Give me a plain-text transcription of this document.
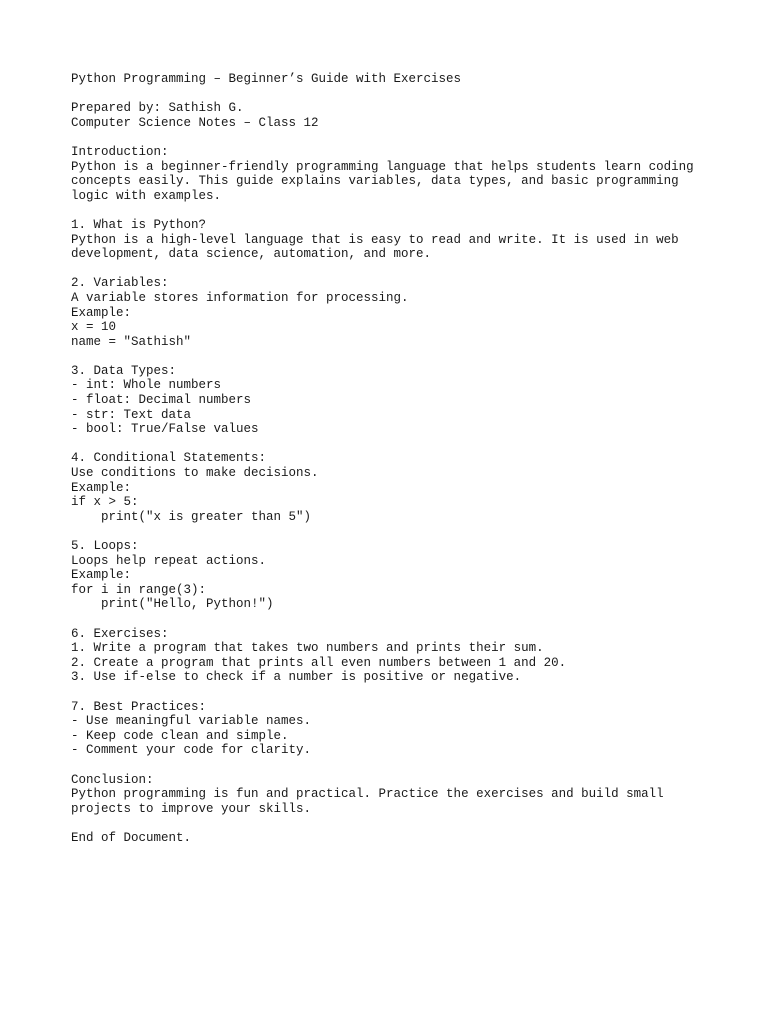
Python Programming – Beginner’s Guide with Exercises
Prepared by: Sathish G.
Computer Science Notes – Class 12
Introduction:
Python is a beginner-friendly programming language that helps students learn coding
concepts easily. This guide explains variables, data types, and basic programming
logic with examples.
1. What is Python?
Python is a high-level language that is easy to read and write. It is used in web
development, data science, automation, and more.
2. Variables:
A variable stores information for processing.
Example:
x = 10
name = "Sathish"
3. Data Types:
- int: Whole numbers
- float: Decimal numbers
- str: Text data
- bool: True/False values
4. Conditional Statements:
Use conditions to make decisions.
Example:
if x > 5:
print("x is greater than 5")
5. Loops:
Loops help repeat actions.
Example:
for i in range(3):
print("Hello, Python!")
6. Exercises:
1. Write a program that takes two numbers and prints their sum.
2. Create a program that prints all even numbers between 1 and 20.
3. Use if-else to check if a number is positive or negative.
7. Best Practices:
- Use meaningful variable names.
- Keep code clean and simple.
- Comment your code for clarity.
Conclusion:
Python programming is fun and practical. Practice the exercises and build small
projects to improve your skills.
End of Document.
